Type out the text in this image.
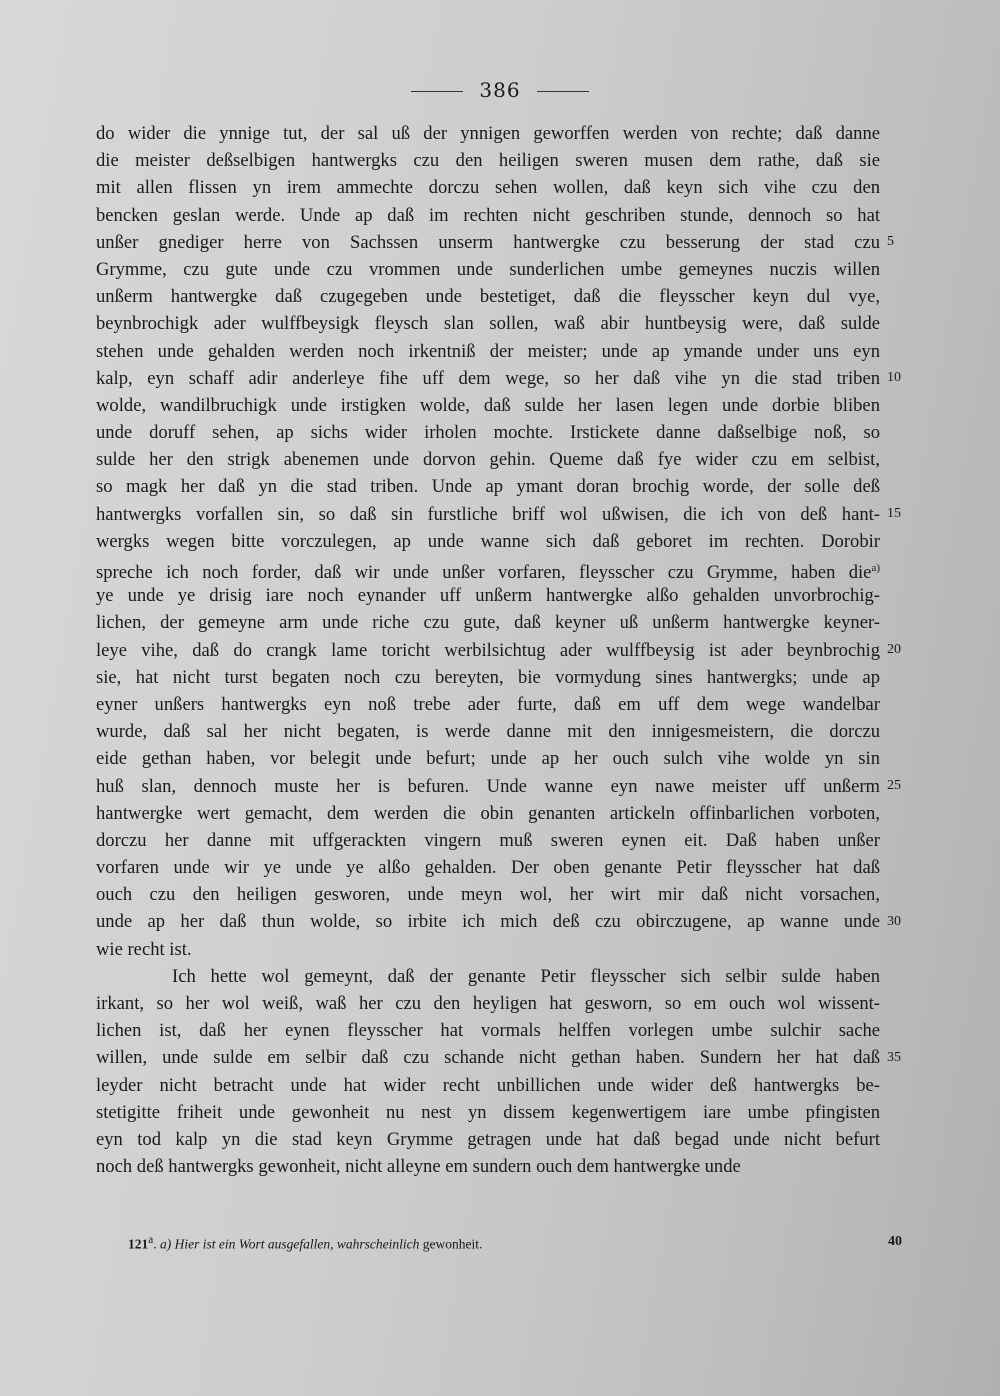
386
do wider die ynnige tut, der sal uß der ynnigen geworffen werden von rechte; daß danne
die meister deßselbigen hantwergks czu den heiligen sweren musen dem rathe, daß sie
mit allen flissen yn irem ammechte dorczu sehen wollen, daß keyn sich vihe czu den
bencken geslan werde. Unde ap daß im rechten nicht geschriben stunde, dennoch so hat
unßer gnediger herre von Sachssen unserm hantwergke czu besserung der stad czu
Grymme, czu gute unde czu vrommen unde sunderlichen umbe gemeynes nuczis willen
unßerm hantwergke daß czugegeben unde bestetiget, daß die fleysscher keyn dul vye,
beynbrochigk ader wulffbeysigk fleysch slan sollen, waß abir huntbeysig were, daß sulde
stehen unde gehalden werden noch irkentniß der meister; unde ap ymande under uns eyn
kalp, eyn schaff adir anderleye fihe uff dem wege, so her daß vihe yn die stad triben
wolde, wandilbruchigk unde irstigken wolde, daß sulde her lasen legen unde dorbie bliben
unde doruff sehen, ap sichs wider irholen mochte. Irstickete danne daßselbige noß, so
sulde her den strigk abenemen unde dorvon gehin. Queme daß fye wider czu em selbist,
so magk her daß yn die stad triben. Unde ap ymant doran brochig worde, der solle deß
hantwergks vorfallen sin, so daß sin furstliche briff wol ußwisen, die ich von deß hant-
wergks wegen bitte vorczulegen, ap unde wanne sich daß geboret im rechten. Dorobir
spreche ich noch forder, daß wir unde unßer vorfaren, fleysscher czu Grymme, haben die$^{a)}$
ye unde ye drisig iare noch eynander uff unßerm hantwergke alßo gehalden unvorbrochig-
lichen, der gemeyne arm unde riche czu gute, daß keyner uß unßerm hantwergke keyner-
leye vihe, daß do crangk lame toricht werbilsichtug ader wulffbeysig ist ader beynbrochig
sie, hat nicht turst begaten noch czu bereyten, bie vormydung sines hantwergks; unde ap
eyner unßers hantwergks eyn noß trebe ader furte, daß em uff dem wege wandelbar
wurde, daß sal her nicht begaten, is werde danne mit den innigesmeistern, die dorczu
eide gethan haben, vor belegit unde befurt; unde ap her ouch sulch vihe wolde yn sin
huß slan, dennoch muste her is befuren. Unde wanne eyn nawe meister uff unßerm
hantwergke wert gemacht, dem werden die obin genanten artickeln offinbarlichen vorboten,
dorczu her danne mit uffgerackten vingern muß sweren eynen eit. Daß haben unßer
vorfaren unde wir ye unde ye alßo gehalden. Der oben genante Petir fleysscher hat daß
ouch czu den heiligen gesworen, unde meyn wol, her wirt mir daß nicht vorsachen,
unde ap her daß thun wolde, so irbite ich mich deß czu obirczugene, ap wanne unde
wie recht ist.
Ich hette wol gemeynt, daß der genante Petir fleysscher sich selbir sulde haben
irkant, so her wol weiß, waß her czu den heyligen hat gesworn, so em ouch wol wissent-
lichen ist, daß her eynen fleysscher hat vormals helffen vorlegen umbe sulchir sache
willen, unde sulde em selbir daß czu schande nicht gethan haben. Sundern her hat daß
leyder nicht betracht unde hat wider recht unbillichen unde wider deß hantwergks be-
stetigitte friheit unde gewonheit nu nest yn dissem kegenwertigem iare umbe pfingisten
eyn tod kalp yn die stad keyn Grymme getragen unde hat daß begad unde nicht befurt
noch deß hantwergks gewonheit, nicht alleyne em sundern ouch dem hantwergke unde
121$^a$. a) Hier ist ein Wort ausgefallen, wahrscheinlich gewonheit.	40
5
10
15
20
25
30
35
